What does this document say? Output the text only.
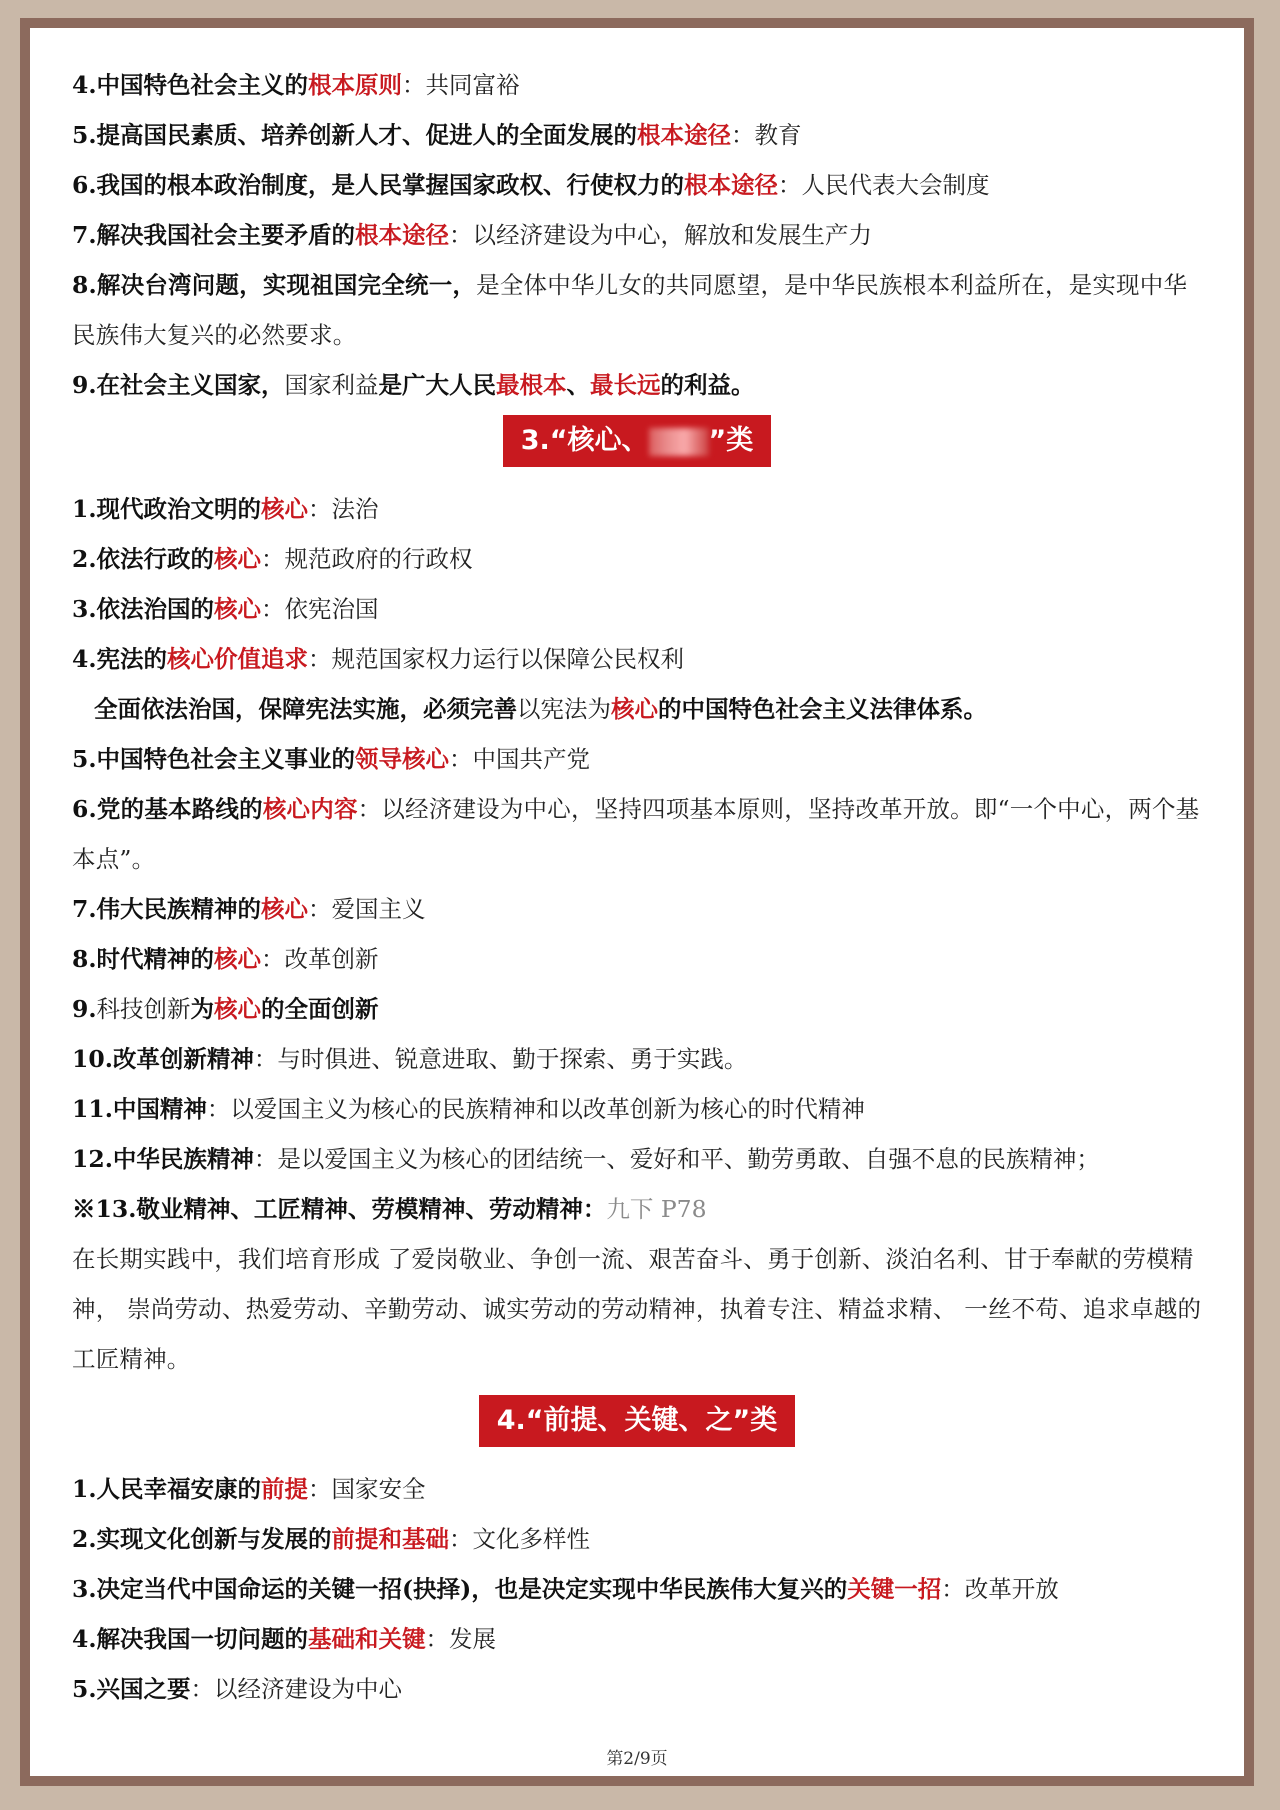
4.中国特色社会主义的根本原则：共同富裕
5.提高国民素质、培养创新人才、促进人的全面发展的根本途径：教育
6.我国的根本政治制度，是人民掌握国家政权、行使权力的根本途径：人民代表大会制度
7.解决我国社会主要矛盾的根本途径：以经济建设为中心，解放和发展生产力
8.解决台湾问题，实现祖国完全统一，是全体中华儿女的共同愿望，是中华民族根本利益所在，是实现中华民族伟大复兴的必然要求。
9.在社会主义国家，国家利益是广大人民最根本、最长远的利益。
3.“核心、 ”类
1.现代政治文明的核心：法治
2.依法行政的核心：规范政府的行政权
3.依法治国的核心：依宪治国
4.宪法的核心价值追求：规范国家权力运行以保障公民权利
全面依法治国，保障宪法实施，必须完善以宪法为核心的中国特色社会主义法律体系。
5.中国特色社会主义事业的领导核心：中国共产党
6.党的基本路线的核心内容：以经济建设为中心，坚持四项基本原则，坚持改革开放。即“一个中心，两个基本点”。
7.伟大民族精神的核心：爱国主义
8.时代精神的核心：改革创新
9.科技创新为核心的全面创新
10.改革创新精神：与时俱进、锐意进取、勤于探索、勇于实践。
11.中国精神：以爱国主义为核心的民族精神和以改革创新为核心的时代精神
12.中华民族精神：是以爱国主义为核心的团结统一、爱好和平、勤劳勇敢、自强不息的民族精神；
※13.敬业精神、工匠精神、劳模精神、劳动精神：九下 P78
在长期实践中，我们培育形成 了爱岗敬业、争创一流、艰苦奋斗、勇于创新、淡泊名利、甘于奉献的劳模精神， 崇尚劳动、热爱劳动、辛勤劳动、诚实劳动的劳动精神，执着专注、精益求精、 一丝不苟、追求卓越的工匠精神。
4.“前提、关键、之”类
1.人民幸福安康的前提：国家安全
2.实现文化创新与发展的前提和基础：文化多样性
3.决定当代中国命运的关键一招(抉择)，也是决定实现中华民族伟大复兴的关键一招：改革开放
4.解决我国一切问题的基础和关键：发展
5.兴国之要：以经济建设为中心
第2/9页
